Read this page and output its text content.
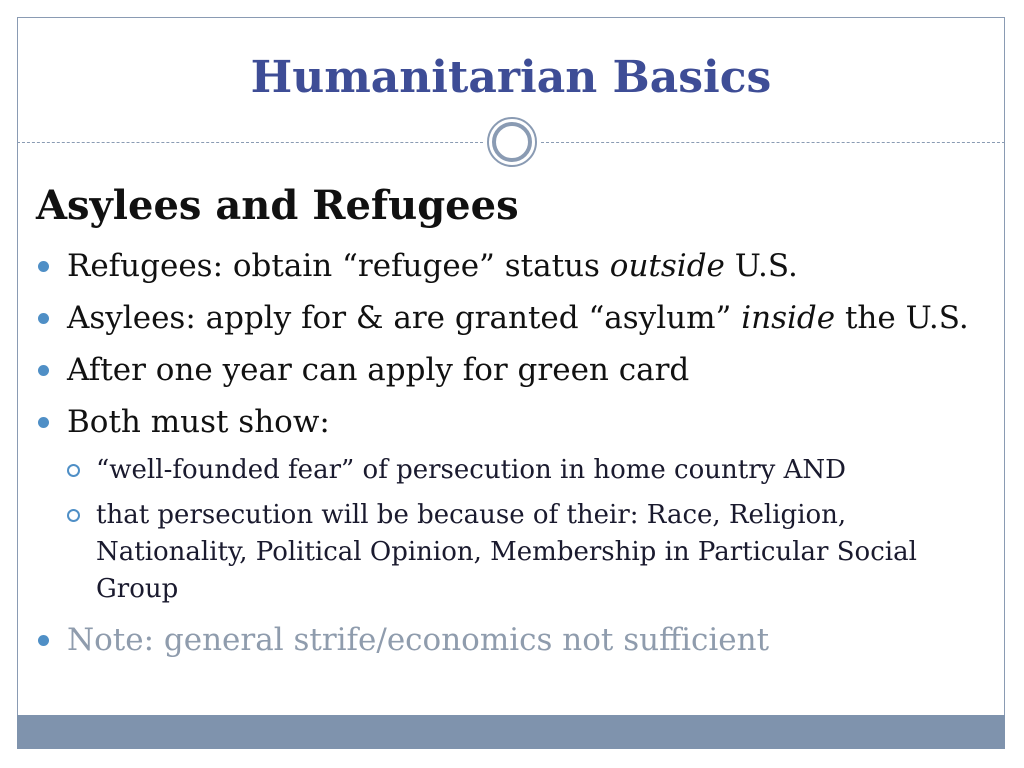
Humanitarian Basics
Asylees and Refugees
Refugees: obtain “refugee” status outside U.S.
Asylees: apply for & are granted “asylum” inside the U.S.
After one year can apply for green card
Both must show:
“well-founded fear” of persecution in home country AND
that persecution will be because of their: Race, Religion, Nationality, Political Opinion, Membership in Particular Social Group
Note: general strife/economics not sufficient
